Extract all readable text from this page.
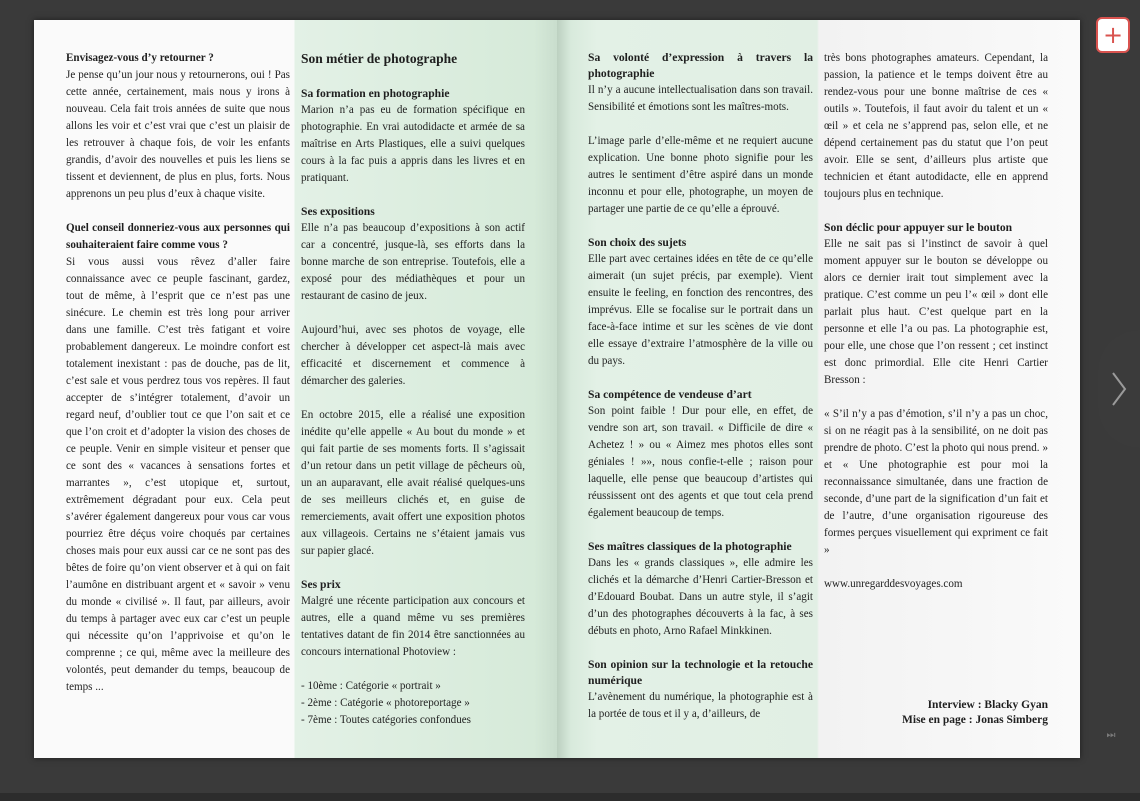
Envisagez-vous d’y retourner ?

Je pense qu’un jour nous y retournerons, oui ! Pas cette année, certainement, mais nous y irons à nouveau. Cela fait trois années de suite que nous allons les voir et c’est vrai que c’est un plaisir de les retrouver à chaque fois, de voir les enfants grandis, d’avoir des nouvelles et puis les liens se tissent et deviennent, de plus en plus, forts. Nous apprenons un peu plus d’eux à chaque visite.

Quel conseil donneriez-vous aux personnes qui souhaiteraient faire comme vous ?

Si vous aussi vous rêvez d’aller faire connaissance avec ce peuple fascinant, gardez, tout de même, à l’esprit que ce n’est pas une sinécure. Le chemin est très long pour arriver dans une famille. C’est très fatigant et voire probablement dangereux. Le moindre confort est totalement inexistant : pas de douche, pas de lit, c’est sale et vous perdrez tous vos repères. Il faut accepter de s’intégrer totalement, d’avoir un regard neuf, d’oublier tout ce que l’on sait et ce que l’on croit et d’adopter la vision des choses de ce peuple. Venir en simple visiteur et penser que ce sont des « vacances à sensations fortes et marrantes », c’est utopique et, surtout, extrêmement dégradant pour eux. Cela peut s’avérer également dangereux pour vous car vous pourriez être déçus voire choqués par certaines choses mais pour eux aussi car ce ne sont pas des bêtes de foire qu’on vient observer et à qui on fait l’aumône en distribuant argent et « savoir » venu du monde « civilisé ». Il faut, par ailleurs, avoir du temps à partager avec eux car c’est un peuple qui nécessite qu’on l’apprivoise et qu’on le comprenne ; ce qui, même avec la meilleure des volontés, peut demander du temps, beaucoup de temps ...

Son métier de photographe
Sa formation en photographie

Marion n’a pas eu de formation spécifique en photographie. En vrai autodidacte et armée de sa maîtrise en Arts Plastiques, elle a suivi quelques cours à la fac puis a appris dans les livres et en pratiquant.

Ses expositions

Elle n’a pas beaucoup d’expositions à son actif car a concentré, jusque-là, ses efforts dans la bonne marche de son entreprise. Toutefois, elle a exposé pour des médiathèques et pour un restaurant de casino de jeux.

Aujourd’hui, avec ses photos de voyage, elle chercher à développer cet aspect-là mais avec efficacité et discernement et commence à démarcher des galeries.

En octobre 2015, elle a réalisé une exposition inédite qu’elle appelle « Au bout du monde » et qui fait partie de ses moments forts. Il s’agissait d’un retour dans un petit village de pêcheurs où, un an auparavant, elle avait réalisé quelques-uns de ses meilleurs clichés et, en guise de remerciements, avait offert une exposition photos aux villageois. Certains ne s’étaient jamais vus sur papier glacé.

Ses prix

Malgré une récente participation aux concours et autres, elle a quand même vu ses premières tentatives datant de fin 2014 être sanctionnées au concours international Photoview :

- 10ème : Catégorie « portrait »
- 2ème : Catégorie « photoreportage »
- 7ème : Toutes catégories confondues
Sa volonté d’expression à travers la photographie

Il n’y a aucune intellectualisation dans son travail. Sensibilité et émotions sont les maîtres-mots.

L’image parle d’elle-même et ne requiert aucune explication. Une bonne photo signifie pour les autres le sentiment d’être aspiré dans un monde inconnu et pour elle, photographe, un moyen de partager une partie de ce qu’elle a éprouvé.

Son choix des sujets

Elle part avec certaines idées en tête de ce qu’elle aimerait (un sujet précis, par exemple). Vient ensuite le feeling, en fonction des rencontres, des imprévus. Elle se focalise sur le portrait dans un face-à-face intime et sur les scènes de vie dont elle essaye d’extraire l’atmosphère de la ville ou du pays.

Sa compétence de vendeuse d’art

Son point faible ! Dur pour elle, en effet, de vendre son art, son travail. « Difficile de dire « Achetez ! » ou « Aimez mes photos elles sont géniales ! »», nous confie-t-elle ; raison pour laquelle, elle pense que beaucoup d’artistes qui réussissent ont des agents et que tout cela prend également beaucoup de temps.

Ses maîtres classiques de la photographie

Dans les « grands classiques », elle admire les clichés et la démarche d’Henri Cartier-Bresson et d’Edouard Boubat. Dans un autre style, il s’agit d’un des photographes découverts à la fac, à ses débuts en photo, Arno Rafael Minkkinen.

Son opinion sur la technologie et la retouche numérique

L’avènement du numérique, la photographie est à la portée de tous et il y a, d’ailleurs, de

très bons photographes amateurs. Cependant, la passion, la patience et le temps doivent être au rendez-vous pour une bonne maîtrise de ces « outils ». Toutefois, il faut avoir du talent et un « œil » et cela ne s’apprend pas, selon elle, et ne dépend certainement pas du statut que l’on peut avoir. Elle se sent, d’ailleurs plus artiste que technicien et étant autodidacte, elle en apprend toujours plus en technique.

Son déclic pour appuyer sur le bouton

Elle ne sait pas si l’instinct de savoir à quel moment appuyer sur le bouton se développe ou alors ce dernier irait tout simplement avec la pratique. C’est comme un peu l’« œil » dont elle parlait plus haut. C’est quelque part en la personne et elle l’a ou pas. La photographie est, pour elle, une chose que l’on ressent ; cet instinct est donc primordial. Elle cite Henri Cartier Bresson :

« S’il n’y a pas d’émotion, s’il n’y a pas un choc, si on ne réagit pas à la sensibilité, on ne doit pas prendre de photo. C’est la photo qui nous prend. » et « Une photographie est pour moi la reconnaissance simultanée, dans une fraction de seconde, d’une part de la signification d’un fait et de l’autre, d’une organisation rigoureuse des formes perçues visuellement qui expriment ce fait »

www.unregarddesvoyages.com

Interview : Blacky Gyan
Mise en page : Jonas Simberg
+
⏭
